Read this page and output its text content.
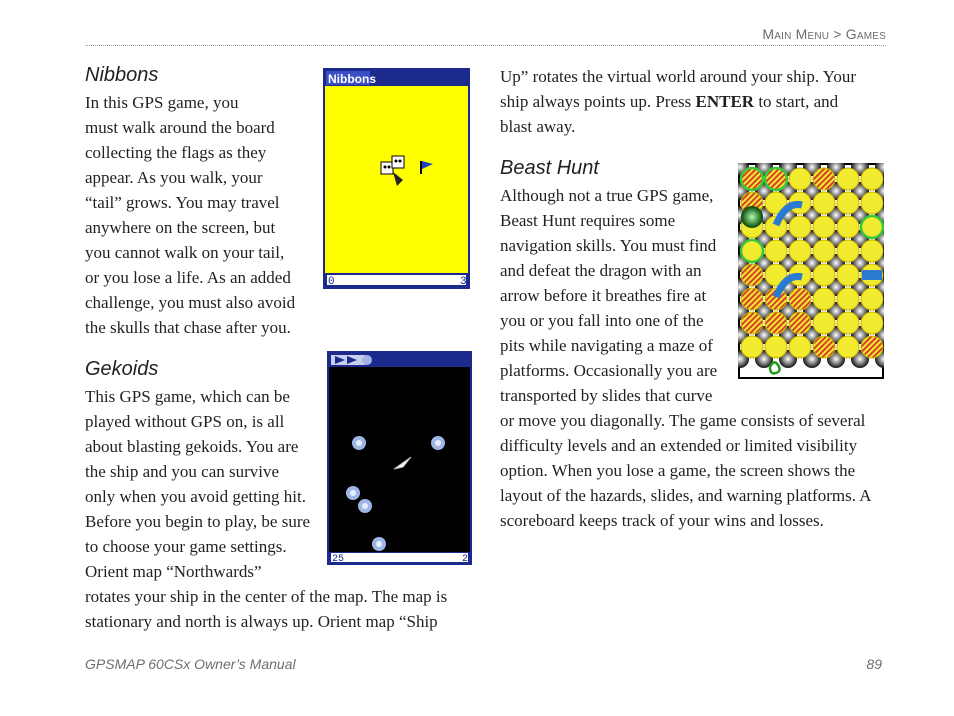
Main Menu > Games
Nibbons
In this GPS game, you
must walk around the board
collecting the flags as they
appear. As you walk, your
“tail” grows. You may travel
anywhere on the screen, but
you cannot walk on your tail,
or you lose a life. As an added
challenge, you must also avoid
the skulls that chase after you.
Nibbons
0	3
Gekoids
This GPS game, which can be
played without GPS on, is all
about blasting gekoids. You are
the ship and you can survive
only when you avoid getting hit.
Before you begin to play, be sure
to choose your game settings.
Orient map “Northwards”
rotates your ship in the center of the map. The map is
stationary and north is always up. Orient map “Ship
25	2
Up” rotates the virtual world around your ship. Your
ship always points up. Press ENTER to start, and
blast away.
Beast Hunt
Although not a true GPS game,
Beast Hunt requires some
navigation skills. You must find
and defeat the dragon with an
arrow before it breathes fire at
you or you fall into one of the
pits while navigating a maze of
platforms. Occasionally you are
transported by slides that curve
or move you diagonally. The game consists of several
difficulty levels and an extended or limited visibility
option. When you lose a game, the screen shows the
layout of the hazards, slides, and warning platforms. A
scoreboard keeps track of your wins and losses.
GPSMAP 60CSx Owner’s Manual	89
